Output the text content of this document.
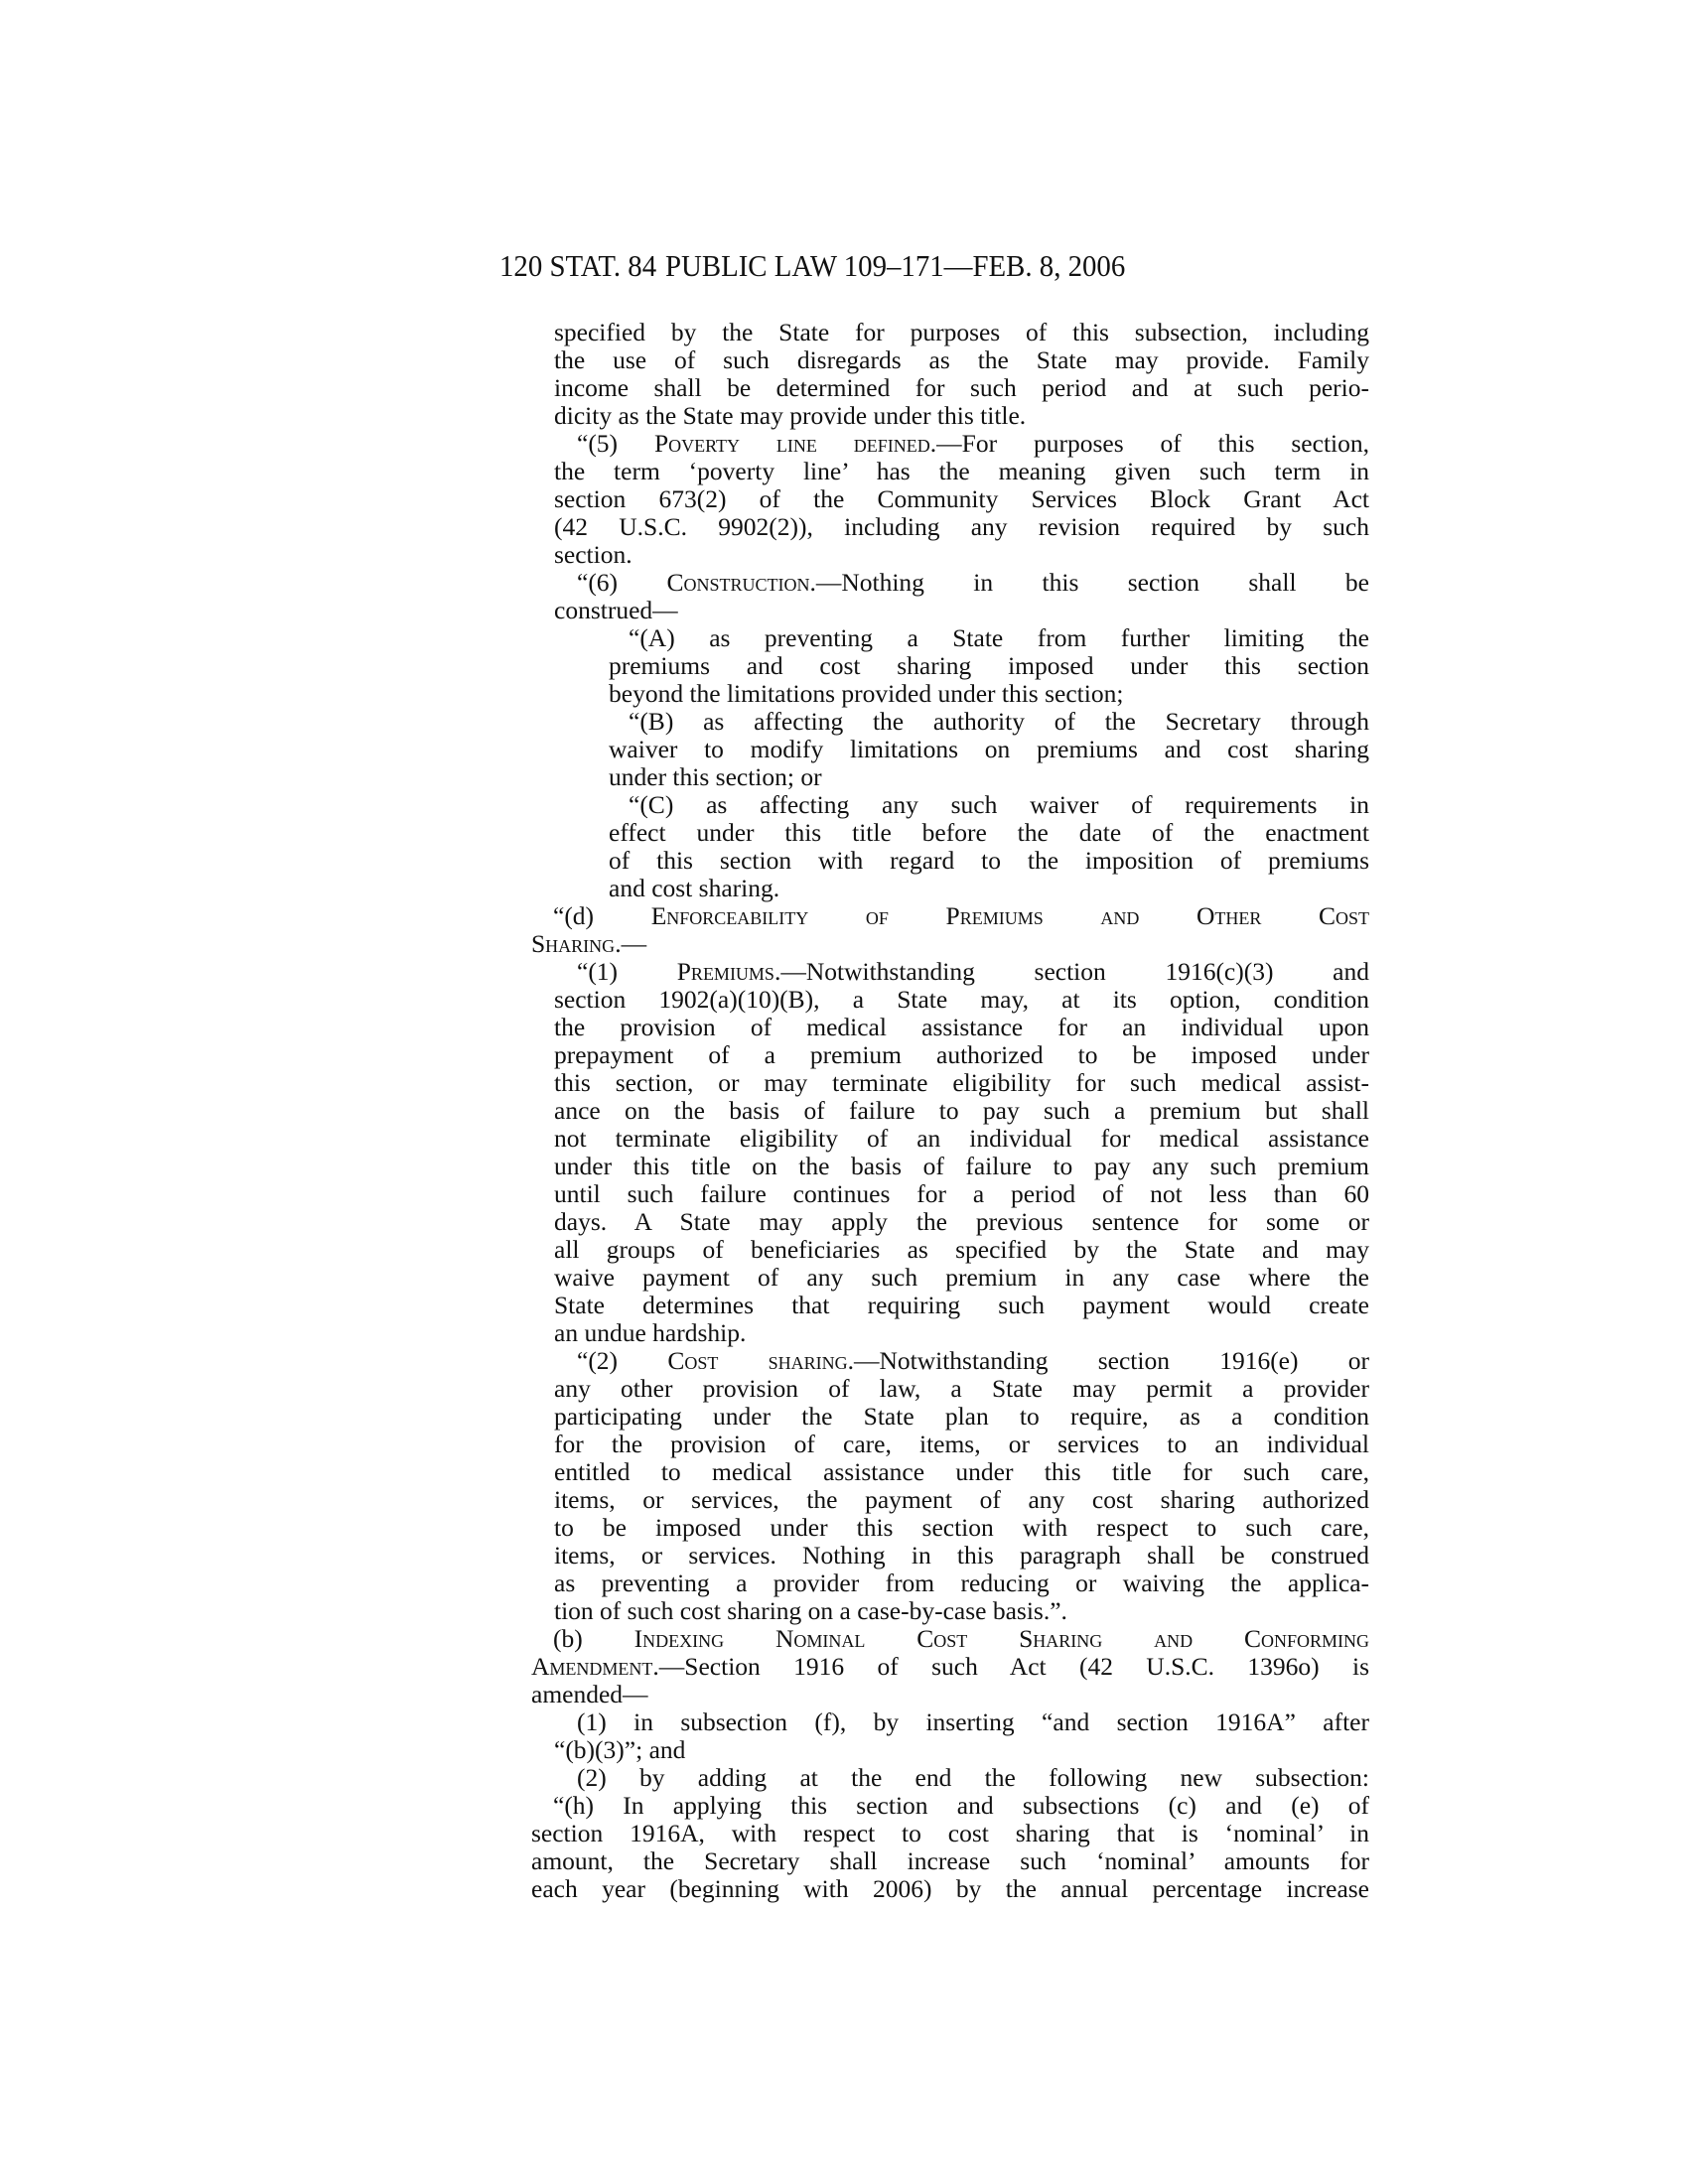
120 STAT. 84 PUBLIC LAW 109–171—FEB. 8, 2006
specified by the State for purposes of this subsection, including
the use of such disregards as the State may provide. Family
income shall be determined for such period and at such perio-
dicity as the State may provide under this title.
“(5) Poverty line defined.—For purposes of this section,
the term ‘poverty line’ has the meaning given such term in
section 673(2) of the Community Services Block Grant Act
(42 U.S.C. 9902(2)), including any revision required by such
section.
“(6) Construction.—Nothing in this section shall be
construed—
“(A) as preventing a State from further limiting the
premiums and cost sharing imposed under this section
beyond the limitations provided under this section;
“(B) as affecting the authority of the Secretary through
waiver to modify limitations on premiums and cost sharing
under this section; or
“(C) as affecting any such waiver of requirements in
effect under this title before the date of the enactment
of this section with regard to the imposition of premiums
and cost sharing.
“(d) Enforceability of Premiums and Other Cost
Sharing.—
“(1) Premiums.—Notwithstanding section 1916(c)(3) and
section 1902(a)(10)(B), a State may, at its option, condition
the provision of medical assistance for an individual upon
prepayment of a premium authorized to be imposed under
this section, or may terminate eligibility for such medical assist-
ance on the basis of failure to pay such a premium but shall
not terminate eligibility of an individual for medical assistance
under this title on the basis of failure to pay any such premium
until such failure continues for a period of not less than 60
days. A State may apply the previous sentence for some or
all groups of beneficiaries as specified by the State and may
waive payment of any such premium in any case where the
State determines that requiring such payment would create
an undue hardship.
“(2) Cost sharing.—Notwithstanding section 1916(e) or
any other provision of law, a State may permit a provider
participating under the State plan to require, as a condition
for the provision of care, items, or services to an individual
entitled to medical assistance under this title for such care,
items, or services, the payment of any cost sharing authorized
to be imposed under this section with respect to such care,
items, or services. Nothing in this paragraph shall be construed
as preventing a provider from reducing or waiving the applica-
tion of such cost sharing on a case-by-case basis.”.
(b) Indexing Nominal Cost Sharing and Conforming
Amendment.—Section 1916 of such Act (42 U.S.C. 1396o) is
amended—
(1) in subsection (f), by inserting “and section 1916A” after
“(b)(3)”; and
(2) by adding at the end the following new subsection:
“(h) In applying this section and subsections (c) and (e) of
section 1916A, with respect to cost sharing that is ‘nominal’ in
amount, the Secretary shall increase such ‘nominal’ amounts for
each year (beginning with 2006) by the annual percentage increase
